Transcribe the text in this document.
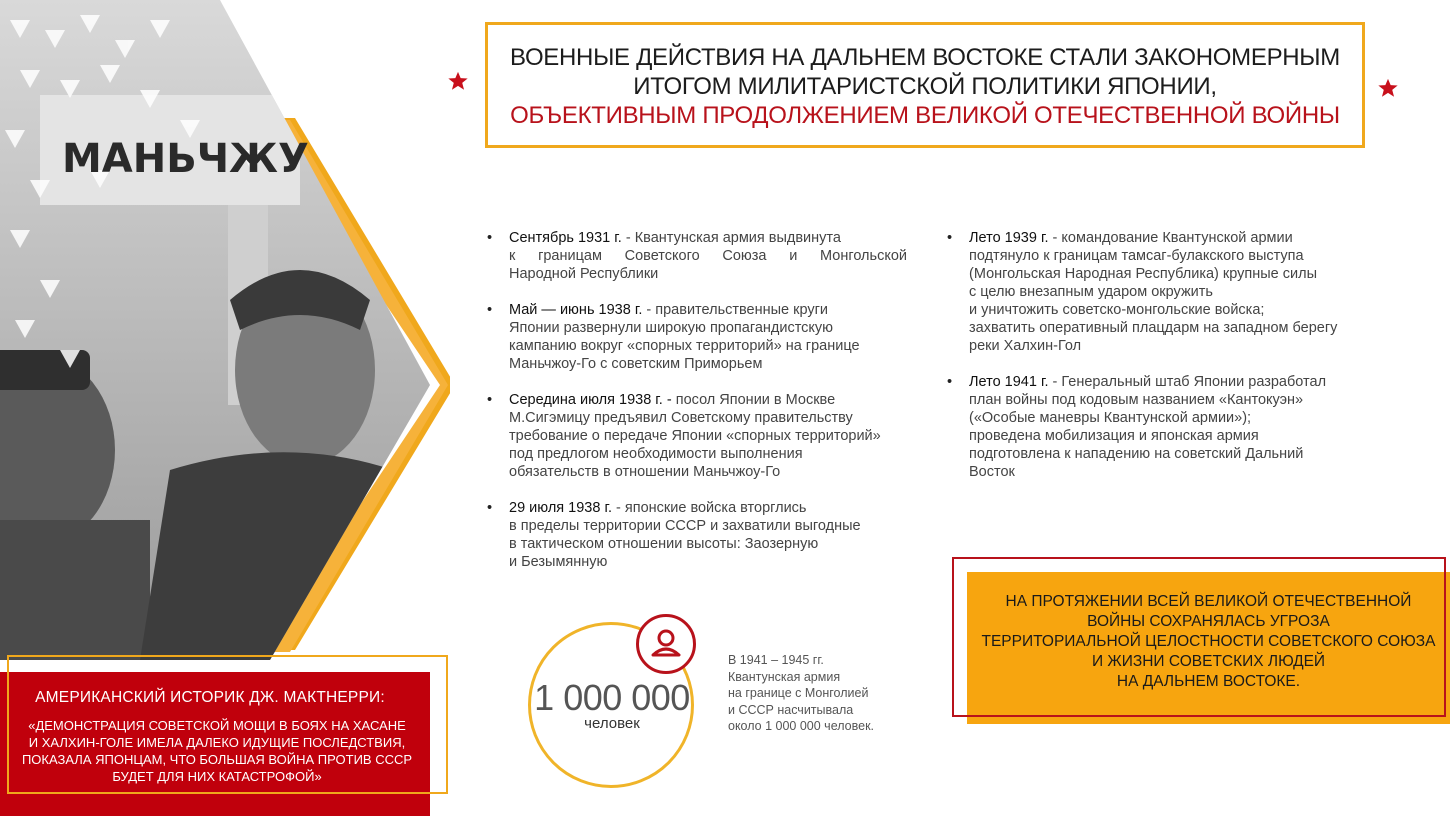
МАНЬЧЖУ
ВОЕННЫЕ ДЕЙСТВИЯ НА ДАЛЬНЕМ ВОСТОКЕ СТАЛИ ЗАКОНОМЕРНЫМ
ИТОГОМ МИЛИТАРИСТСКОЙ ПОЛИТИКИ ЯПОНИИ,
ОБЪЕКТИВНЫМ ПРОДОЛЖЕНИЕМ ВЕЛИКОЙ ОТЕЧЕСТВЕННОЙ ВОЙНЫ
• Сентябрь 1931 г. - Квантунская армия выдвинута

к границам Советского Союза и Монгольской
Народной Республики
• Май — июнь 1938 г. - правительственные круги
Японии развернули широкую пропагандистскую
кампанию вокруг «спорных территорий» на границе
Маньчжоу-Го с советским Приморьем
• Середина июля 1938 г. - посол Японии в Москве
М.Сигэмицу предъявил Советскому правительству
требование о передаче Японии «спорных территорий»
под предлогом необходимости выполнения
обязательств в отношении Маньчжоу-Го
• 29 июля 1938 г. - японские войска вторглись
в пределы территории СССР и захватили выгодные
в тактическом отношении высоты: Заозерную
и Безымянную
• Лето 1939 г. - командование Квантунской армии
подтянуло к границам тамсаг-булакского выступа
(Монгольская Народная Республика) крупные силы
с целю внезапным ударом окружить
и уничтожить советско-монгольские войска;
захватить оперативный плацдарм на западном берегу
реки Халхин-Гол
• Лето 1941 г. - Генеральный штаб Японии разработал
план войны под кодовым названием «Кантокуэн»
(«Особые маневры Квантунской армии»);
проведена мобилизация и японская армия
подготовлена к нападению на советский Дальний
Восток
1 000 000
человек
В 1941 – 1945 гг.
Квантунская армия
на границе с Монголией
и СССР насчитывала
около 1 000 000 человек.
АМЕРИКАНСКИЙ ИСТОРИК ДЖ. МАКТНЕРРИ:
«ДЕМОНСТРАЦИЯ СОВЕТСКОЙ МОЩИ В БОЯХ НА ХАСАНЕ
И ХАЛХИН-ГОЛЕ ИМЕЛА ДАЛЕКО ИДУЩИЕ ПОСЛЕДСТВИЯ,
ПОКАЗАЛА ЯПОНЦАМ, ЧТО БОЛЬШАЯ ВОЙНА ПРОТИВ СССР
БУДЕТ ДЛЯ НИХ КАТАСТРОФОЙ»
НА ПРОТЯЖЕНИИ ВСЕЙ ВЕЛИКОЙ ОТЕЧЕСТВЕННОЙ
ВОЙНЫ СОХРАНЯЛАСЬ УГРОЗА
ТЕРРИТОРИАЛЬНОЙ ЦЕЛОСТНОСТИ СОВЕТСКОГО СОЮЗА
И ЖИЗНИ СОВЕТСКИХ ЛЮДЕЙ
НА ДАЛЬНЕМ ВОСТОКЕ.
